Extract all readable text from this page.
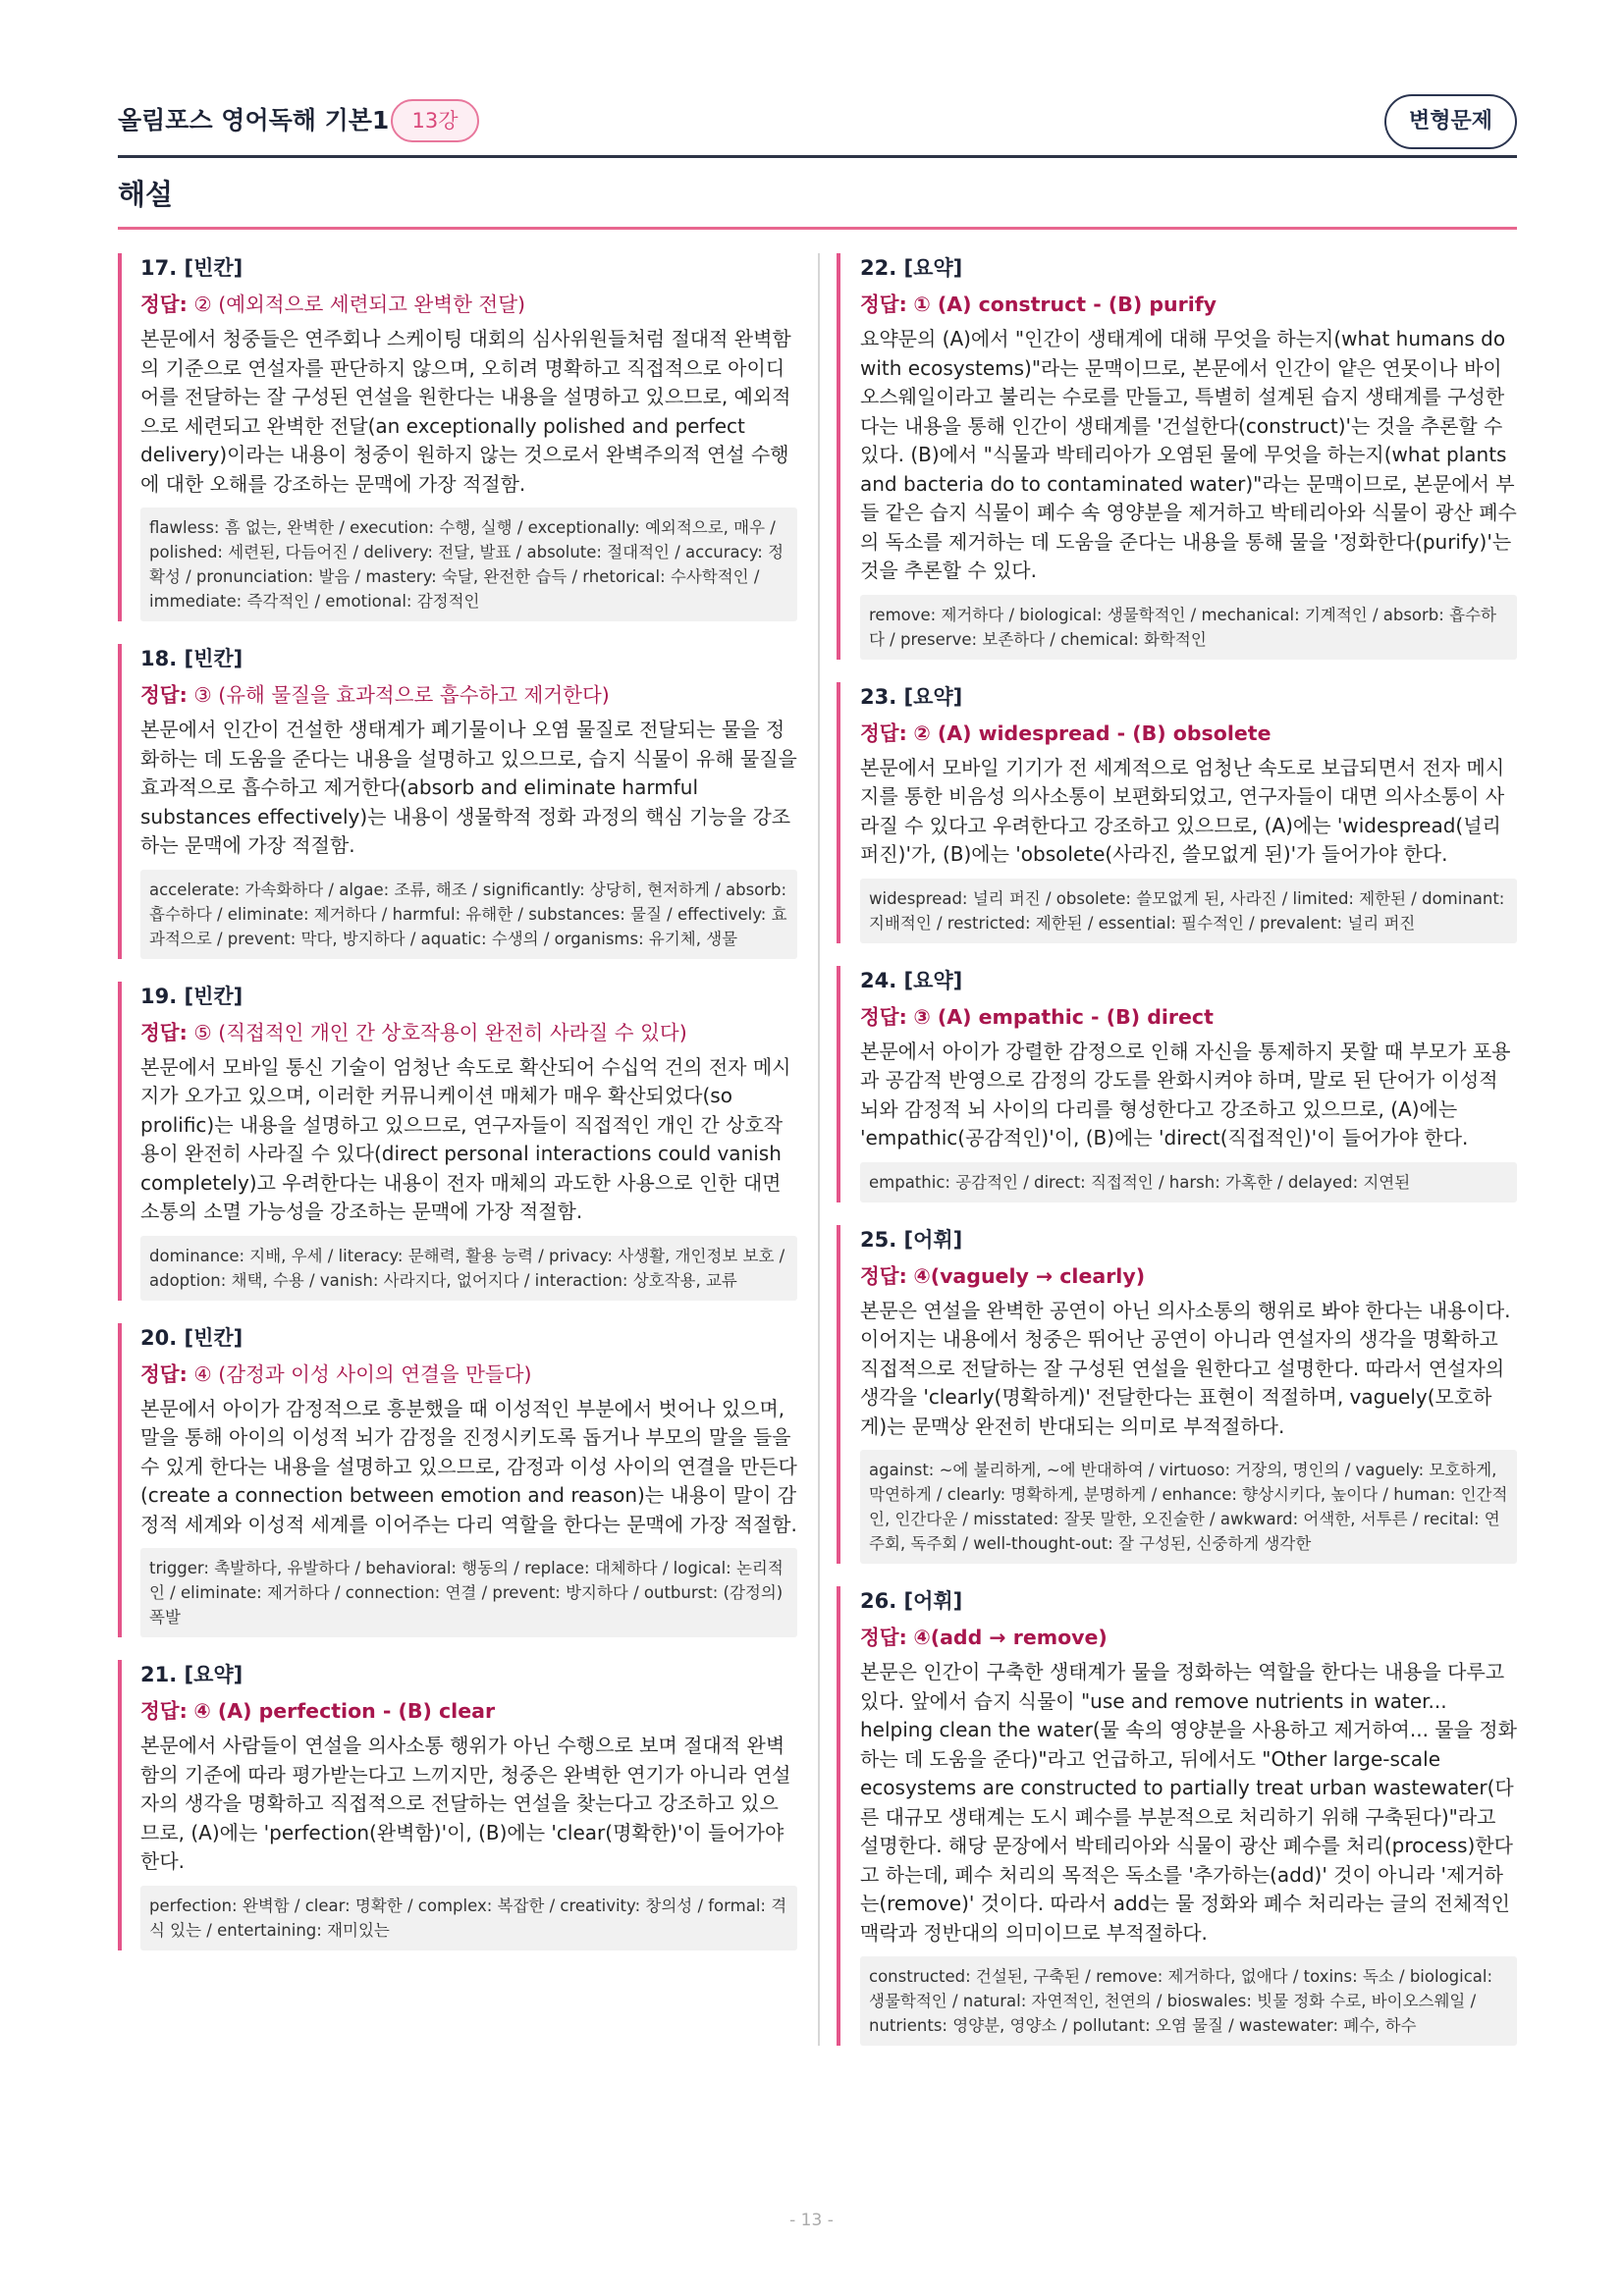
올림포스 영어독해 기본1	13강	변형문제
해설
17. [빈칸]
정답: ② (예외적으로 세련되고 완벽한 전달)
본문에서 청중들은 연주회나 스케이팅 대회의 심사위원들처럼 절대적 완벽함의 기준으로 연설자를 판단하지 않으며, 오히려 명확하고 직접적으로 아이디어를 전달하는 잘 구성된 연설을 원한다는 내용을 설명하고 있으므로, 예외적으로 세련되고 완벽한 전달(an exceptionally polished and perfect delivery)이라는 내용이 청중이 원하지 않는 것으로서 완벽주의적 연설 수행에 대한 오해를 강조하는 문맥에 가장 적절함.
flawless: 흠 없는, 완벽한 / execution: 수행, 실행 / exceptionally: 예외적으로, 매우 / polished: 세련된, 다듬어진 / delivery: 전달, 발표 / absolute: 절대적인 / accuracy: 정확성 / pronunciation: 발음 / mastery: 숙달, 완전한 습득 / rhetorical: 수사학적인 / immediate: 즉각적인 / emotional: 감정적인
18. [빈칸]
정답: ③ (유해 물질을 효과적으로 흡수하고 제거한다)
본문에서 인간이 건설한 생태계가 폐기물이나 오염 물질로 전달되는 물을 정화하는 데 도움을 준다는 내용을 설명하고 있으므로, 습지 식물이 유해 물질을 효과적으로 흡수하고 제거한다(absorb and eliminate harmful substances effectively)는 내용이 생물학적 정화 과정의 핵심 기능을 강조하는 문맥에 가장 적절함.
accelerate: 가속화하다 / algae: 조류, 해조 / significantly: 상당히, 현저하게 / absorb: 흡수하다 / eliminate: 제거하다 / harmful: 유해한 / substances: 물질 / effectively: 효과적으로 / prevent: 막다, 방지하다 / aquatic: 수생의 / organisms: 유기체, 생물
19. [빈칸]
정답: ⑤ (직접적인 개인 간 상호작용이 완전히 사라질 수 있다)
본문에서 모바일 통신 기술이 엄청난 속도로 확산되어 수십억 건의 전자 메시지가 오가고 있으며, 이러한 커뮤니케이션 매체가 매우 확산되었다(so prolific)는 내용을 설명하고 있으므로, 연구자들이 직접적인 개인 간 상호작용이 완전히 사라질 수 있다(direct personal interactions could vanish completely)고 우려한다는 내용이 전자 매체의 과도한 사용으로 인한 대면 소통의 소멸 가능성을 강조하는 문맥에 가장 적절함.
dominance: 지배, 우세 / literacy: 문해력, 활용 능력 / privacy: 사생활, 개인정보 보호 / adoption: 채택, 수용 / vanish: 사라지다, 없어지다 / interaction: 상호작용, 교류
20. [빈칸]
정답: ④ (감정과 이성 사이의 연결을 만들다)
본문에서 아이가 감정적으로 흥분했을 때 이성적인 부분에서 벗어나 있으며, 말을 통해 아이의 이성적 뇌가 감정을 진정시키도록 돕거나 부모의 말을 들을 수 있게 한다는 내용을 설명하고 있으므로, 감정과 이성 사이의 연결을 만든다(create a connection between emotion and reason)는 내용이 말이 감정적 세계와 이성적 세계를 이어주는 다리 역할을 한다는 문맥에 가장 적절함.
trigger: 촉발하다, 유발하다 / behavioral: 행동의 / replace: 대체하다 / logical: 논리적인 / eliminate: 제거하다 / connection: 연결 / prevent: 방지하다 / outburst: (감정의) 폭발
21. [요약]
정답: ④ (A) perfection - (B) clear
본문에서 사람들이 연설을 의사소통 행위가 아닌 수행으로 보며 절대적 완벽함의 기준에 따라 평가받는다고 느끼지만, 청중은 완벽한 연기가 아니라 연설자의 생각을 명확하고 직접적으로 전달하는 연설을 찾는다고 강조하고 있으므로, (A)에는 'perfection(완벽함)'이, (B)에는 'clear(명확한)'이 들어가야 한다.
perfection: 완벽함 / clear: 명확한 / complex: 복잡한 / creativity: 창의성 / formal: 격식 있는 / entertaining: 재미있는
22. [요약]
정답: ① (A) construct - (B) purify
요약문의 (A)에서 "인간이 생태계에 대해 무엇을 하는지(what humans do with ecosystems)"라는 문맥이므로, 본문에서 인간이 얕은 연못이나 바이오스웨일이라고 불리는 수로를 만들고, 특별히 설계된 습지 생태계를 구성한다는 내용을 통해 인간이 생태계를 '건설한다(construct)'는 것을 추론할 수 있다. (B)에서 "식물과 박테리아가 오염된 물에 무엇을 하는지(what plants and bacteria do to contaminated water)"라는 문맥이므로, 본문에서 부들 같은 습지 식물이 폐수 속 영양분을 제거하고 박테리아와 식물이 광산 폐수의 독소를 제거하는 데 도움을 준다는 내용을 통해 물을 '정화한다(purify)'는 것을 추론할 수 있다.
remove: 제거하다 / biological: 생물학적인 / mechanical: 기계적인 / absorb: 흡수하다 / preserve: 보존하다 / chemical: 화학적인
23. [요약]
정답: ② (A) widespread - (B) obsolete
본문에서 모바일 기기가 전 세계적으로 엄청난 속도로 보급되면서 전자 메시지를 통한 비음성 의사소통이 보편화되었고, 연구자들이 대면 의사소통이 사라질 수 있다고 우려한다고 강조하고 있으므로, (A)에는 'widespread(널리 퍼진)'가, (B)에는 'obsolete(사라진, 쓸모없게 된)'가 들어가야 한다.
widespread: 널리 퍼진 / obsolete: 쓸모없게 된, 사라진 / limited: 제한된 / dominant: 지배적인 / restricted: 제한된 / essential: 필수적인 / prevalent: 널리 퍼진
24. [요약]
정답: ③ (A) empathic - (B) direct
본문에서 아이가 강렬한 감정으로 인해 자신을 통제하지 못할 때 부모가 포용과 공감적 반영으로 감정의 강도를 완화시켜야 하며, 말로 된 단어가 이성적 뇌와 감정적 뇌 사이의 다리를 형성한다고 강조하고 있으므로, (A)에는 'empathic(공감적인)'이, (B)에는 'direct(직접적인)'이 들어가야 한다.
empathic: 공감적인 / direct: 직접적인 / harsh: 가혹한 / delayed: 지연된
25. [어휘]
정답: ④(vaguely → clearly)
본문은 연설을 완벽한 공연이 아닌 의사소통의 행위로 봐야 한다는 내용이다. 이어지는 내용에서 청중은 뛰어난 공연이 아니라 연설자의 생각을 명확하고 직접적으로 전달하는 잘 구성된 연설을 원한다고 설명한다. 따라서 연설자의 생각을 'clearly(명확하게)' 전달한다는 표현이 적절하며, vaguely(모호하게)는 문맥상 완전히 반대되는 의미로 부적절하다.
against: ~에 불리하게, ~에 반대하여 / virtuoso: 거장의, 명인의 / vaguely: 모호하게, 막연하게 / clearly: 명확하게, 분명하게 / enhance: 향상시키다, 높이다 / human: 인간적인, 인간다운 / misstated: 잘못 말한, 오진술한 / awkward: 어색한, 서투른 / recital: 연주회, 독주회 / well-thought-out: 잘 구성된, 신중하게 생각한
26. [어휘]
정답: ④(add → remove)
본문은 인간이 구축한 생태계가 물을 정화하는 역할을 한다는 내용을 다루고 있다. 앞에서 습지 식물이 "use and remove nutrients in water... helping clean the water(물 속의 영양분을 사용하고 제거하여... 물을 정화하는 데 도움을 준다)"라고 언급하고, 뒤에서도 "Other large-scale ecosystems are constructed to partially treat urban wastewater(다른 대규모 생태계는 도시 폐수를 부분적으로 처리하기 위해 구축된다)"라고 설명한다. 해당 문장에서 박테리아와 식물이 광산 폐수를 처리(process)한다고 하는데, 폐수 처리의 목적은 독소를 '추가하는(add)' 것이 아니라 '제거하는(remove)' 것이다. 따라서 add는 물 정화와 폐수 처리라는 글의 전체적인 맥락과 정반대의 의미이므로 부적절하다.
constructed: 건설된, 구축된 / remove: 제거하다, 없애다 / toxins: 독소 / biological: 생물학적인 / natural: 자연적인, 천연의 / bioswales: 빗물 정화 수로, 바이오스웨일 / nutrients: 영양분, 영양소 / pollutant: 오염 물질 / wastewater: 폐수, 하수
- 13 -
